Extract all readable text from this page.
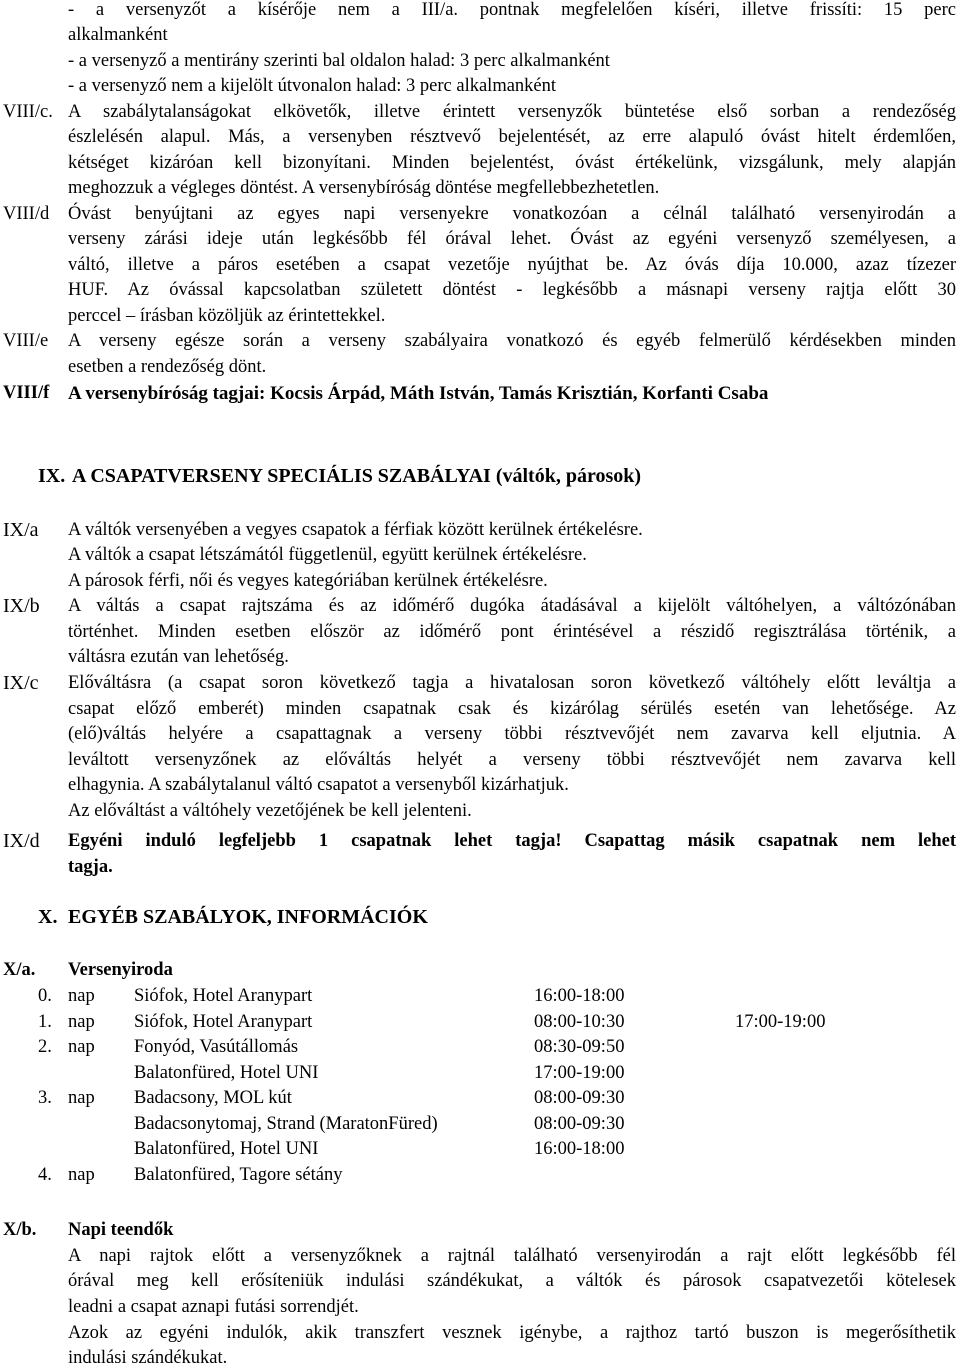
- a versenyzőt a kísérője nem a III/a. pontnak megfelelően kíséri, illetve frissíti: 15 perc
alkalmanként
- a versenyző a mentirány szerinti bal oldalon halad: 3 perc alkalmanként
- a versenyző nem a kijelölt útvonalon halad: 3 perc alkalmanként
VIII/c. A szabálytalanságokat elkövetők, illetve érintett versenyzők büntetése első sorban a rendezőség
észlelésén alapul. Más, a versenyben résztvevő bejelentését, az erre alapuló óvást hitelt érdemlően,
kétséget kizáróan kell bizonyítani. Minden bejelentést, óvást értékelünk, vizsgálunk, mely alapján
meghozzuk a végleges döntést. A versenybíróság döntése megfellebbezhetetlen.
VIII/d Óvást benyújtani az egyes napi versenyekre vonatkozóan a célnál található versenyirodán a
verseny zárási ideje után legkésőbb fél órával lehet. Óvást az egyéni versenyző személyesen, a
váltó, illetve a páros esetében a csapat vezetője nyújthat be. Az óvás díja 10.000, azaz tízezer
HUF. Az óvással kapcsolatban született döntést - legkésőbb a másnapi verseny rajtja előtt 30
perccel – írásban közöljük az érintettekkel.
VIII/e A verseny egésze során a verseny szabályaira vonatkozó és egyéb felmerülő kérdésekben minden
esetben a rendezőség dönt.
VIII/f A versenybíróság tagjai: Kocsis Árpád, Máth István, Tamás Krisztián, Korfanti Csaba
IX. A CSAPATVERSENY SPECIÁLIS SZABÁLYAI (váltók, párosok)
IX/a A váltók versenyében a vegyes csapatok a férfiak között kerülnek értékelésre.
A váltók a csapat létszámától függetlenül, együtt kerülnek értékelésre.
A párosok férfi, női és vegyes kategóriában kerülnek értékelésre.
IX/b A váltás a csapat rajtszáma és az időmérő dugóka átadásával a kijelölt váltóhelyen, a váltózónában
történhet. Minden esetben először az időmérő pont érintésével a részidő regisztrálása történik, a
váltásra ezután van lehetőség.
IX/c Előváltásra (a csapat soron következő tagja a hivatalosan soron következő váltóhely előtt leváltja a
csapat előző emberét) minden csapatnak csak és kizárólag sérülés esetén van lehetősége. Az
(elő)váltás helyére a csapattagnak a verseny többi résztvevőjét nem zavarva kell eljutnia. A
leváltott versenyzőnek az előváltás helyét a verseny többi résztvevőjét nem zavarva kell
elhagynia. A szabálytalanul váltó csapatot a versenyből kizárhatjuk.
Az előváltást a váltóhely vezetőjének be kell jelenteni.
IX/d Egyéni induló legfeljebb 1 csapatnak lehet tagja! Csapattag másik csapatnak nem lehet
tagja.
X. EGYÉB SZABÁLYOK, INFORMÁCIÓK
X/a. Versenyiroda
0. nap Siófok, Hotel Aranypart	16:00-18:00
1. nap Siófok, Hotel Aranypart	08:00-10:30	17:00-19:00
2. nap Fonyód, Vasútállomás	08:30-09:50
Balatonfüred, Hotel UNI	17:00-19:00
3. nap Badacsony, MOL kút	08:00-09:30
Badacsonytomaj, Strand (MaratonFüred)	08:00-09:30
Balatonfüred, Hotel UNI	16:00-18:00
4. nap Balatonfüred, Tagore sétány
X/b. Napi teendők
A napi rajtok előtt a versenyzőknek a rajtnál található versenyirodán a rajt előtt legkésőbb fél
órával meg kell erősíteniük indulási szándékukat, a váltók és párosok csapatvezetői kötelesek
leadni a csapat aznapi futási sorrendjét.
Azok az egyéni indulók, akik transzfert vesznek igénybe, a rajthoz tartó buszon is megerősíthetik
indulási szándékukat.
